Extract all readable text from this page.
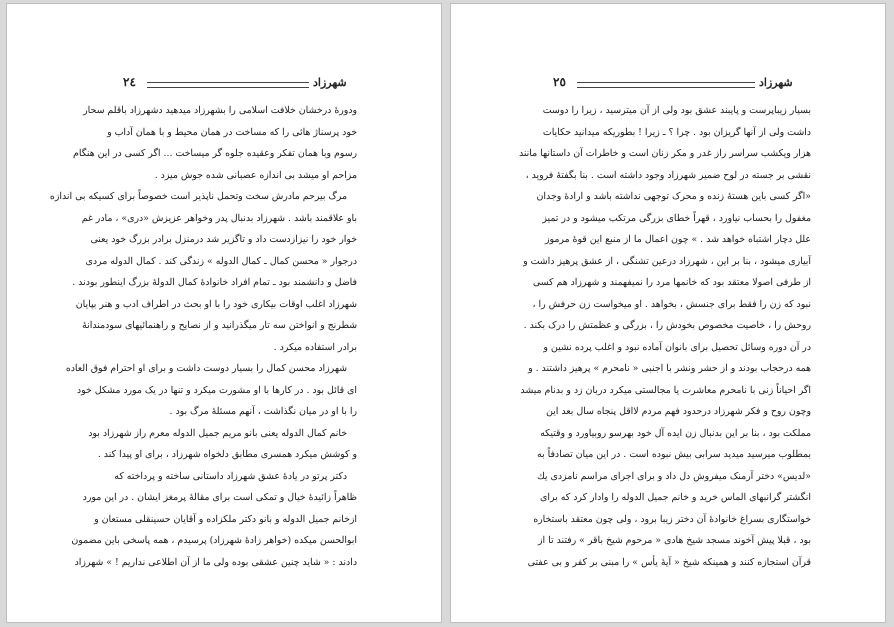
٢٤	شهرزاد
ودورهٔ درخشان خلافت اسلامی را بشهرزاد میدهید دشهرزاد باقلم سحار
خود پرسناژ هائی را که مساخت در همان محیط و با همان آداب و
رسوم وبا همان تفکر وعقیده جلوه گر میساخت ... اگر کسی در این هنگام
مزاحم او میشد بی اندازه عصبانی شده جوش میزد .
مرگ بیرحم مادرش سخت وتحمل ناپذیر است خصوصاً برای کسیکه بی اندازه
باو علاقمند باشد . شهرزاد بدنبال پدر وخواهر عزیزش «دری» ، مادر غم
خوار خود را نیزازدست داد و تاگزیر شد درمنزل برادر بزرگ خود یعنی
درجوار « محسن کمال ـ کمال الدوله » زندگی کند . کمال الدوله مردی
فاضل و دانشمند بود ـ تمام افراد خانوادهٔ کمال الدولهٔ بزرگ اینطور بودند .
شهرزاد اغلب اوقات بیکاری خود را با او بحث در اطراف ادب و هنر بپایان
شطرنج و انواختن سه تار میگذرانید و از نصایح و راهنمائیهای سودمندانهٔ
برادر استفاده میکرد .
شهرزاد محسن کمال را بسیار دوست داشت و برای او احترام فوق العاده
ای قائل بود . در کارها با او مشورت میکرد و تنها در یک مورد مشکل خود
را با او در میان نگذاشت ، آنهم مسئلهٔ مرگ بود .
خانم کمال الدوله یعنی بانو مریم جمیل الدوله معرم راز شهرزاد بود
و کوشش میکرد همسری مطابق دلخواه شهرزاد ، برای او پیدا کند .
دکتر پرتو در یادهٔ عشق شهرزاد داستانی ساخته و پرداخته که
ظاهراً زائیدهٔ خیال و تمکی است برای مقالهٔ پرمغز ایشان . در این مورد
ازخانم جمیل الدوله و بانو دکتر ملکزاده و آقایان حسینقلی مستعان و
ابوالحسن میکده (خواهر زادهٔ شهرزاد) پرسیدم ، همه پاسخی باین مضمون
دادند : « شاید چنین عشقی بوده ولی ما از آن اطلاعی نداریم ! » شهرزاد
٢٥	شهرزاد
بسیار زیباپرست و پایبند عشق بود ولی از آن میترسید ، زیرا را دوست
داشت ولی از آنها گریزان بود . چرا ؟ ـ زیرا ! بطوریکه میدانید حکایات
هزار ویکشب سراسر راز غدر و مکر زنان است و خاطرات آن داستانها مانند
نقشی بر جسته در لوح ضمیر شهرزاد وجود داشته است . بنا بگفتهٔ فروید ،
«اگر کسی باین هستهٔ زنده و محرک توجهی نداشته باشد و ارادهٔ وجدان
مغفول را بحساب نیاورد ، قهراً خطای بزرگی مرتکب میشود و در تمیز
علل دچار اشتباه خواهد شد . » چون اعمال ما از منبع این قوهٔ مرموز
آبیاری میشود ، بنا بر این ، شهرزاد درعین تشنگی ، از عشق پرهیز داشت و
از طرفی اصولا معتقد بود که خانمها مرد را نمیفهمند و شهرزاد هم کسی
نبود که زن را فقط برای جنسش ، بخواهد . او میخواست زن حرفش را ،
روحش را ، خاصیت مخصوص بخودش را ، بزرگی و عظمتش را درک بکند .
در آن دوره وسائل تحصیل برای بانوان آماده نبود و اغلب پرده نشین و
همه درحجاب بودند و از حشر ونشر با اجنبی « نامحرم » پرهیز داشتند . و
اگر احیاناً زنی با نامحرم معاشرت یا مجالستی میکرد دربان زد و بدنام میشد
وچون روح و فکر شهرزاد درحدود فهم مردم لااقل پنجاه سال بعد این
مملکت بود ، بنا بر این بدنبال زن ایده آل خود بهرسو روبیاورد و وقتیکه
بمطلوب میرسید میدید سرابی بیش نبوده است . در این میان تصادفاً به
«لدیس» دختر آرمنک میفروش دل داد و برای اجرای مراسم نامزدی یك
انگشتر گرانبهای الماس خرید و خانم جمیل الدوله را وادار کرد که برای
خواستگاری بسراغ خانوادهٔ آن دختر زیبا برود ، ولی چون معتقد باستخاره
بود ، قبلا پیش آخوند مسجد شیخ هادی « مرحوم شیخ باقر » رفتند تا از
قرآن استجازه کنند و همینکه شیخ « آیهٔ یأس » را مبنی بر کفر و بی عفتی
